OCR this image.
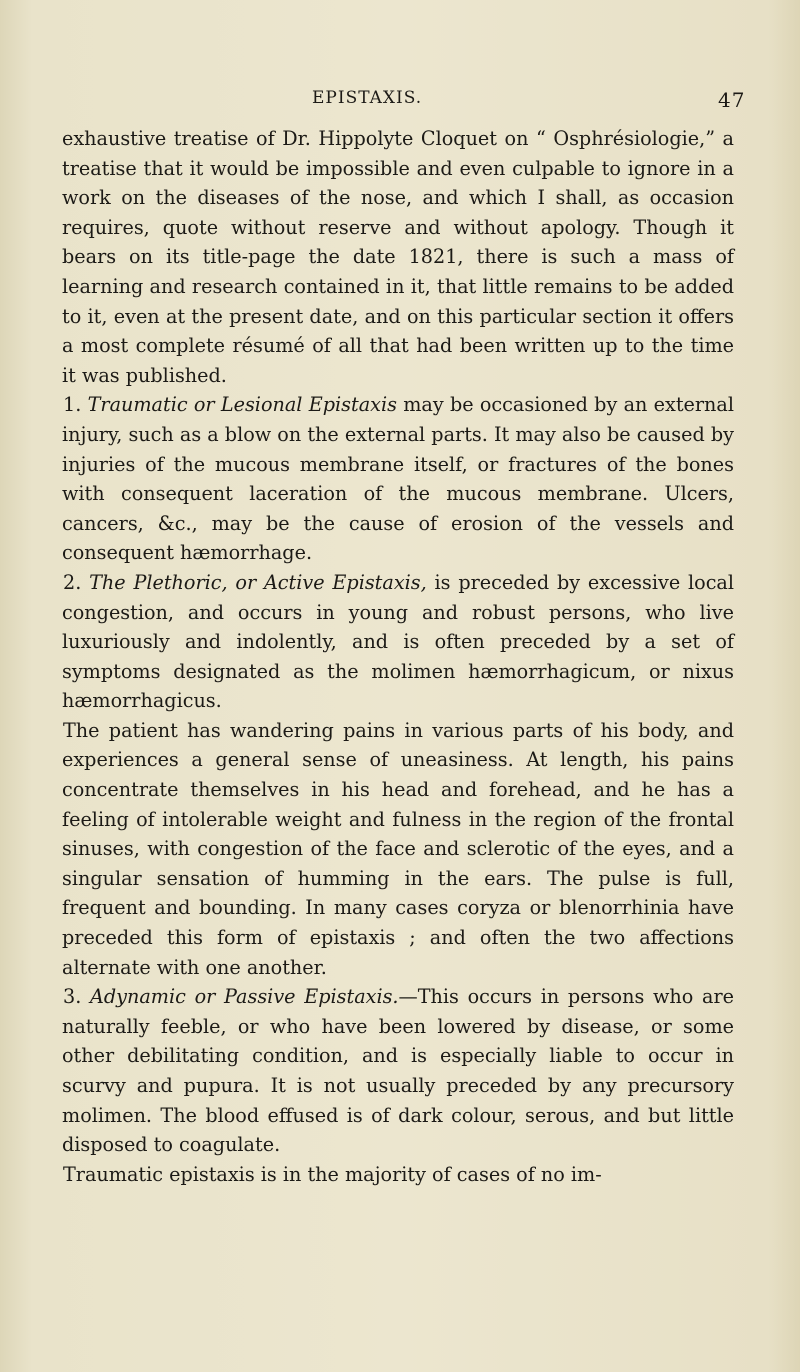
EPISTAXIS.	47

exhaustive treatise of Dr. Hippolyte Cloquet on “ Osphrésiologie,” a treatise that it would be impossible and even culpable to ignore in a work on the diseases of the nose, and which I shall, as occasion requires, quote without reserve and without apology. Though it bears on its title-page the date 1821, there is such a mass of learning and research contained in it, that little remains to be added to it, even at the present date, and on this particular section it offers a most complete résumé of all that had been written up to the time it was published.

1. Traumatic or Lesional Epistaxis may be occasioned by an external injury, such as a blow on the external parts. It may also be caused by injuries of the mucous membrane itself, or fractures of the bones with consequent laceration of the mucous membrane. Ulcers, cancers, &c., may be the cause of erosion of the vessels and consequent hæmorrhage.

2. The Plethoric, or Active Epistaxis, is preceded by excessive local congestion, and occurs in young and robust persons, who live luxuriously and indolently, and is often preceded by a set of symptoms designated as the molimen hæmorrhagicum, or nixus hæmorrhagicus.

The patient has wandering pains in various parts of his body, and experiences a general sense of uneasiness. At length, his pains concentrate themselves in his head and forehead, and he has a feeling of intolerable weight and fulness in the region of the frontal sinuses, with congestion of the face and sclerotic of the eyes, and a singular sensation of humming in the ears. The pulse is full, frequent and bounding. In many cases coryza or blenorrhinia have preceded this form of epistaxis ; and often the two affections alternate with one another.

3. Adynamic or Passive Epistaxis.—This occurs in persons who are naturally feeble, or who have been lowered by disease, or some other debilitating condition, and is especially liable to occur in scurvy and pupura. It is not usually preceded by any precursory molimen. The blood effused is of dark colour, serous, and but little disposed to coagulate.

Traumatic epistaxis is in the majority of cases of no im-
